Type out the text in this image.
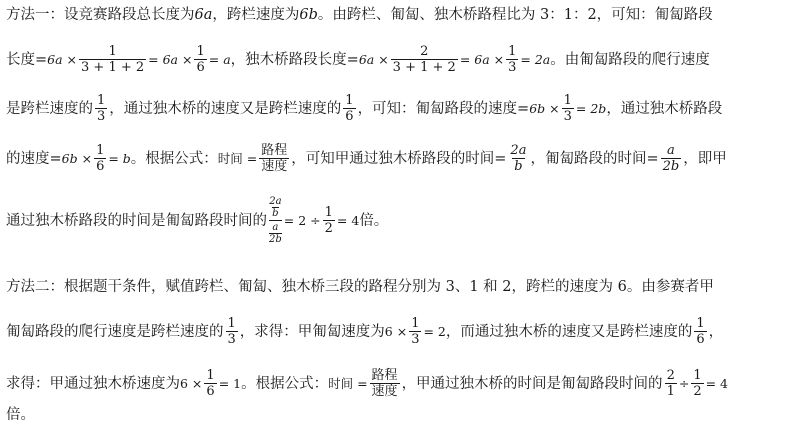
方法一：设竞赛路段总长度为 6a ，跨栏速度为 6b 。由跨栏、匍匐、独木桥路程比为 3：1：2，可知：匍匐路段
长度= $6a \times \frac{1}{3 + 1 + 2} = 6a \times \frac{1}{6} = a$ ，独木桥路段长度= $6a \times \frac{2}{3 + 1 + 2} = 6a \times \frac{1}{3} = 2a$ 。由匍匐路段的爬行速度
是跨栏速度的 $\frac{1}{3}$ ，通过独木桥的速度又是跨栏速度的 $\frac{1}{6}$ ，可知：匍匐路段的速度= $6b \times \frac{1}{3} = 2b$ ，通过独木桥路段
的速度= $6b \times \frac{1}{6} = b$ 。根据公式： 时间 = $\frac{\text{路程}}{\text{速度}}$ ，可知甲通过独木桥路段的时间= $\frac{2a}{b}$ ，匍匐路段的时间= $\frac{a}{2b}$ ，即甲
通过独木桥路段的时间是匍匐路段时间的
2a
b
a
2b
= $2 \div \frac{1}{2} = 4$ 倍。
方法二：根据题干条件，赋值跨栏、匍匐、独木桥三段的路程分别为 3、1 和 2，跨栏的速度为 6。由参赛者甲
匍匐路段的爬行速度是跨栏速度的 $\frac{1}{3}$ ，求得：甲匍匐速度为 $6 \times \frac{1}{3} = 2$ ，而通过独木桥的速度又是跨栏速度的 $\frac{1}{6}$ ，
求得：甲通过独木桥速度为 $6 \times \frac{1}{6} = 1$ 。根据公式： 时间 = $\frac{\text{路程}}{\text{速度}}$ ，甲通过独木桥的时间是匍匐路段时间的 $\frac{2}{1} \div \frac{1}{2} = 4$
倍。
